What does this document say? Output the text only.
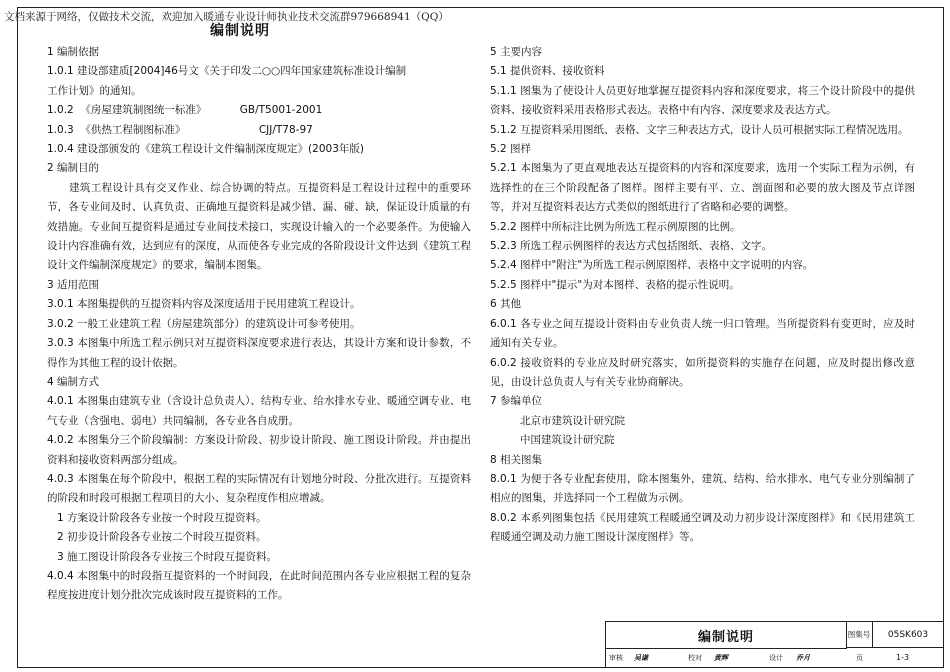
文档来源于网络，仅做技术交流，欢迎加入暖通专业设计师执业技术交流群979668941（QQ）
编制说明

1 编制依据

1.0.1 建设部建质[2004]46号文《关于印发二○○四年国家建筑标准设计编制

工作计划》的通知。

1.0.2  《房屋建筑制图统一标准》          GB/T5001-2001

1.0.3  《供热工程制图标准》                      CJJ/T78-97

1.0.4 建设部颁发的《建筑工程设计文件编制深度规定》(2003年版)

2 编制目的

建筑工程设计具有交叉作业、综合协调的特点。互提资料是工程设计过程中的重要环节，各专业间及时、认真负责、正确地互提资料是减少错、漏、碰、缺，保证设计质量的有效措施。专业间互提资料是通过专业间技术接口，实现设计输入的一个必要条件。为使输入设计内容准确有效，达到应有的深度，从而使各专业完成的各阶段设计文件达到《建筑工程设计文件编制深度规定》的要求，编制本图集。

3 适用范围

3.0.1 本图集提供的互提资料内容及深度适用于民用建筑工程设计。

3.0.2 一般工业建筑工程（房屋建筑部分）的建筑设计可参考使用。

3.0.3 本图集中所选工程示例只对互提资料深度要求进行表达，其设计方案和设计参数，不得作为其他工程的设计依据。

4 编制方式

4.0.1 本图集由建筑专业（含设计总负责人）、结构专业、给水排水专业、暖通空调专业、电气专业（含强电、弱电）共同编制，各专业各自成册。

4.0.2 本图集分三个阶段编制：方案设计阶段、初步设计阶段、施工图设计阶段。并由提出资料和接收资料两部分组成。

4.0.3 本图集在每个阶段中，根据工程的实际情况有计划地分时段、分批次进行。互提资料的阶段和时段可根据工程项目的大小、复杂程度作相应增减。

1 方案设计阶段各专业按一个时段互提资料。

2 初步设计阶段各专业按二个时段互提资料。

3 施工图设计阶段各专业按三个时段互提资料。

4.0.4 本图集中的时段指互提资料的一个时间段，在此时间范围内各专业应根据工程的复杂程度按进度计划分批次完成该时段互提资料的工作。

5 主要内容

5.1 提供资料、接收资料

5.1.1 图集为了使设计人员更好地掌握互提资料内容和深度要求，将三个设计阶段中的提供资料、接收资料采用表格形式表达。表格中有内容、深度要求及表达方式。

5.1.2 互提资料采用图纸、表格、文字三种表达方式，设计人员可根据实际工程情况选用。

5.2 图样

5.2.1 本图集为了更直观地表达互提资料的内容和深度要求，选用一个实际工程为示例，有选择性的在三个阶段配备了图样。图样主要有平、立、剖面图和必要的放大图及节点详图等，并对互提资料表达方式类似的图纸进行了省略和必要的调整。

5.2.2 图样中所标注比例为所选工程示例原图的比例。

5.2.3 所选工程示例图样的表达方式包括图纸、表格、文字。

5.2.4 图样中"附注"为所选工程示例原图样、表格中文字说明的内容。

5.2.5 图样中"提示"为对本图样、表格的提示性说明。

6 其他

6.0.1 各专业之间互提设计资料由专业负责人统一归口管理。当所提资料有变更时，应及时通知有关专业。

6.0.2 接收资料的专业应及时研究落实，如所提资料的实施存在问题，应及时提出修改意见，由设计总负责人与有关专业协商解决。

7 参编单位

北京市建筑设计研究院

中国建筑设计研究院

8 相关图集

8.0.1 为便于各专业配套使用，除本图集外，建筑、结构、给水排水、电气专业分别编制了相应的图集，并选择同一个工程做为示例。

8.0.2 本系列图集包括《民用建筑工程暖通空调及动力初步设计深度图样》和《民用建筑工程暖通空调及动力施工图设计深度图样》等。

编制说明	图集号	05SK603
审核 吴谦	校对 黄辉	设计 乔月	页	1-3
